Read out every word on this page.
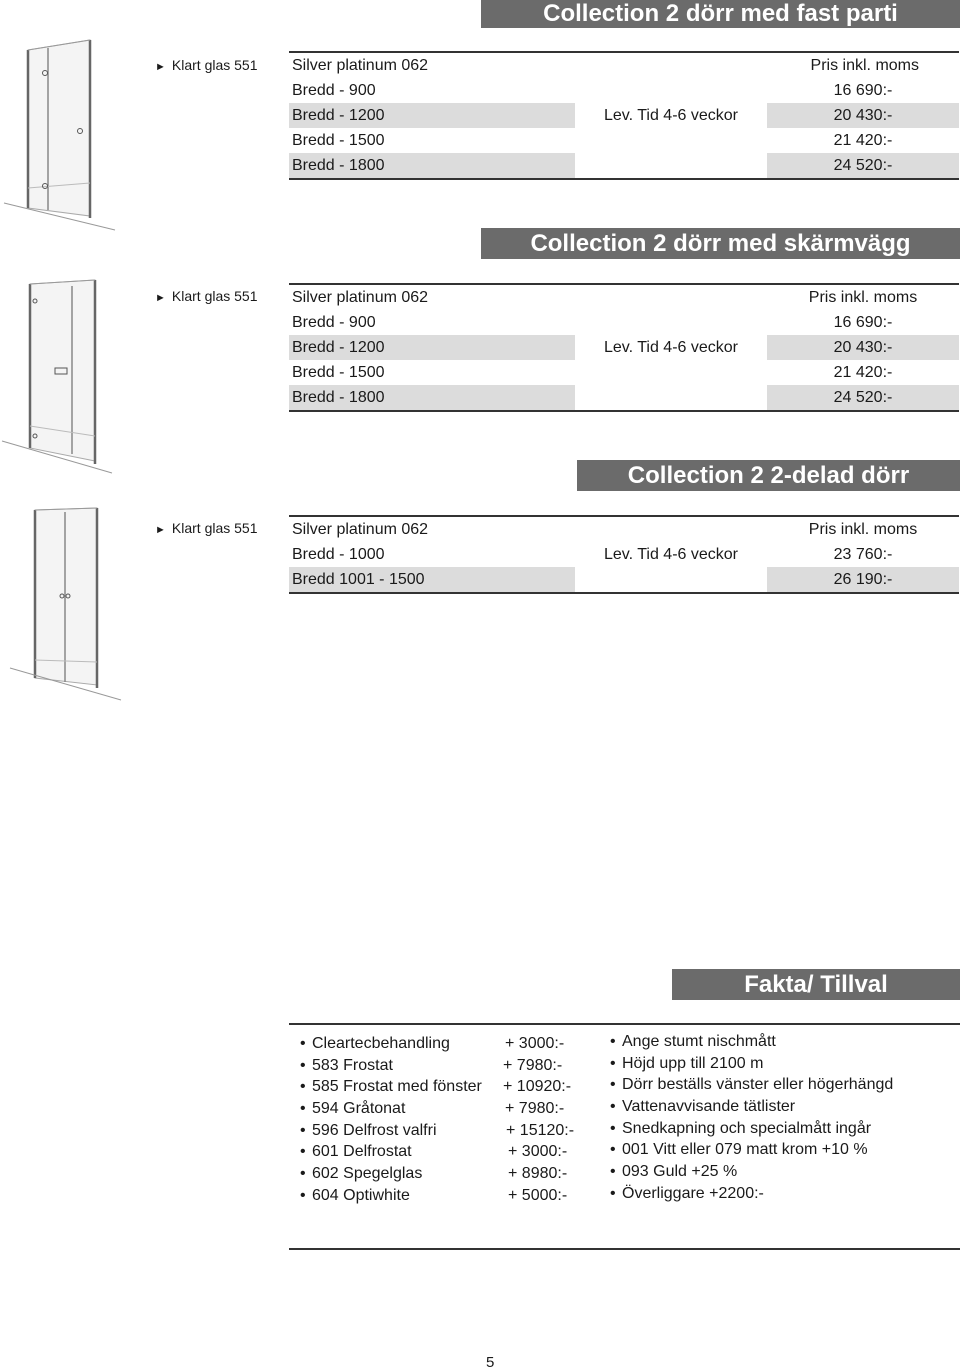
Collection 2 dörr med fast parti
► Klart glas 551 Silver platinum 062	Pris inkl. moms
Bredd - 900	16 690:-
Bredd - 1200	Lev. Tid 4-6 veckor	20 430:-
Bredd - 1500	21 420:-
Bredd - 1800	24 520:-
Collection 2 dörr med skärmvägg
► Klart glas 551 Silver platinum 062	Pris inkl. moms
Bredd - 900	16 690:-
Bredd - 1200	Lev. Tid 4-6 veckor	20 430:-
Bredd - 1500	21 420:-
Bredd - 1800	24 520:-
Collection 2 2-delad dörr
► Klart glas 551 Silver platinum 062	Pris inkl. moms
Bredd - 1000	Lev. Tid 4-6 veckor	23 760:-
Bredd 1001 - 1500	26 190:-
Fakta/ Tillval
• Cleartecbehandling	+ 3000:-
• 583 Frostat	+ 7980:-
• 585 Frostat med fönster + 10920:-
• 594 Gråtonat	+ 7980:-
• 596 Delfrost valfri	+ 15120:-
• 601 Delfrostat	+ 3000:-
• 602 Spegelglas	+ 8980:-
• 604 Optiwhite	+ 5000:-
• Ange stumt nischmått
• Höjd upp till 2100 m
• Dörr beställs vänster eller högerhängd
• Vattenavvisande tätlister
• Snedkapning och specialmått ingår
• 001 Vitt eller 079 matt krom +10 %
• 093 Guld +25 %
• Överliggare +2200:-
5
